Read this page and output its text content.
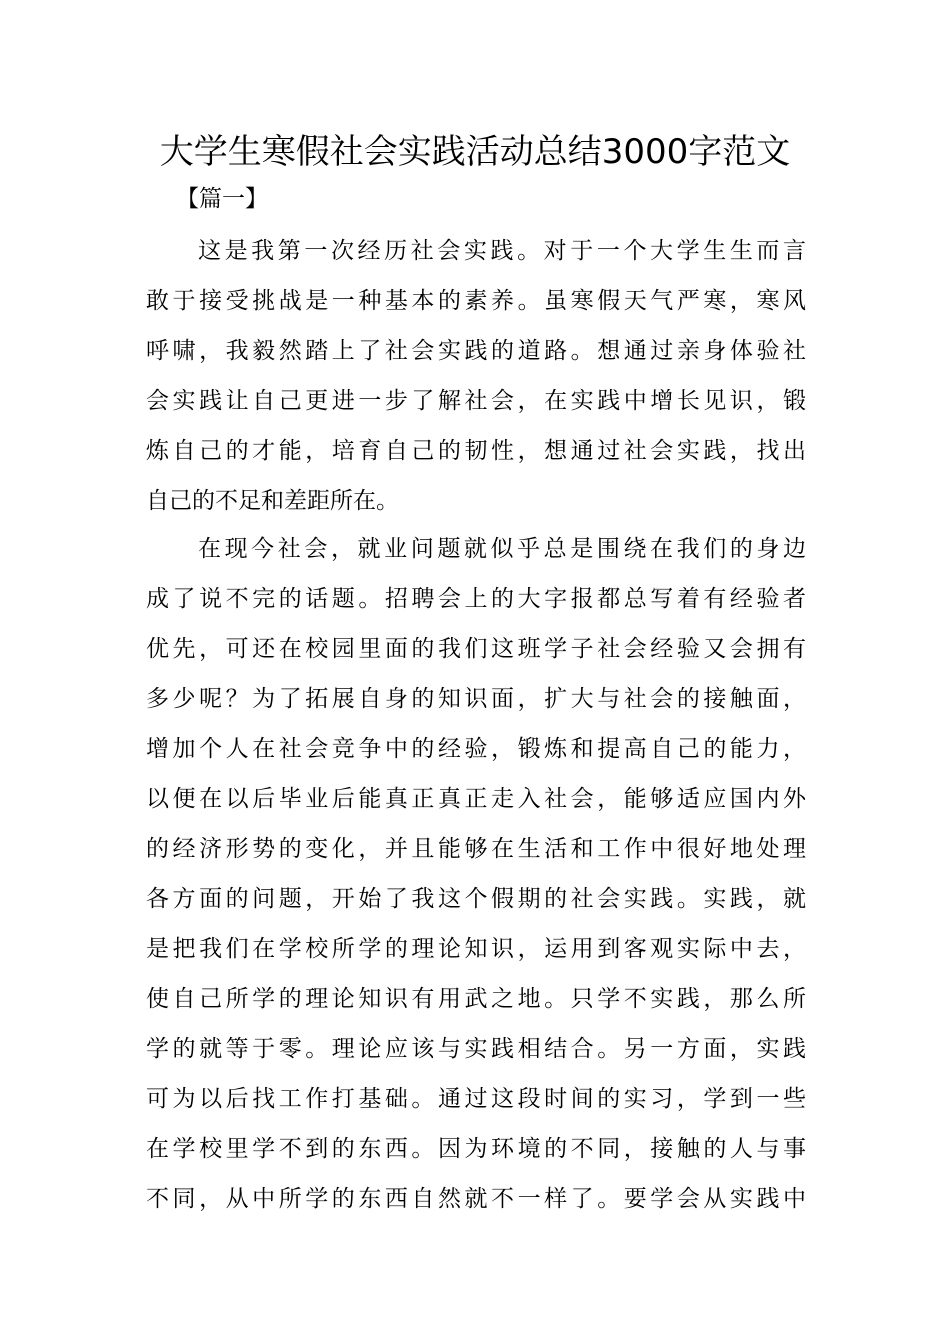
大学生寒假社会实践活动总结3000字范文
【篇一】
这是我第一次经历社会实践。对于一个大学生生而言
敢于接受挑战是一种基本的素养。虽寒假天气严寒，寒风
呼啸，我毅然踏上了社会实践的道路。想通过亲身体验社
会实践让自己更进一步了解社会，在实践中增长见识，锻
炼自己的才能，培育自己的韧性，想通过社会实践，找出
自己的不足和差距所在。
在现今社会，就业问题就似乎总是围绕在我们的身边
成了说不完的话题。招聘会上的大字报都总写着有经验者
优先，可还在校园里面的我们这班学子社会经验又会拥有
多少呢？为了拓展自身的知识面，扩大与社会的接触面，
增加个人在社会竞争中的经验，锻炼和提高自己的能力，
以便在以后毕业后能真正真正走入社会，能够适应国内外
的经济形势的变化，并且能够在生活和工作中很好地处理
各方面的问题，开始了我这个假期的社会实践。实践，就
是把我们在学校所学的理论知识，运用到客观实际中去，
使自己所学的理论知识有用武之地。只学不实践，那么所
学的就等于零。理论应该与实践相结合。另一方面，实践
可为以后找工作打基础。通过这段时间的实习，学到一些
在学校里学不到的东西。因为环境的不同，接触的人与事
不同，从中所学的东西自然就不一样了。要学会从实践中
